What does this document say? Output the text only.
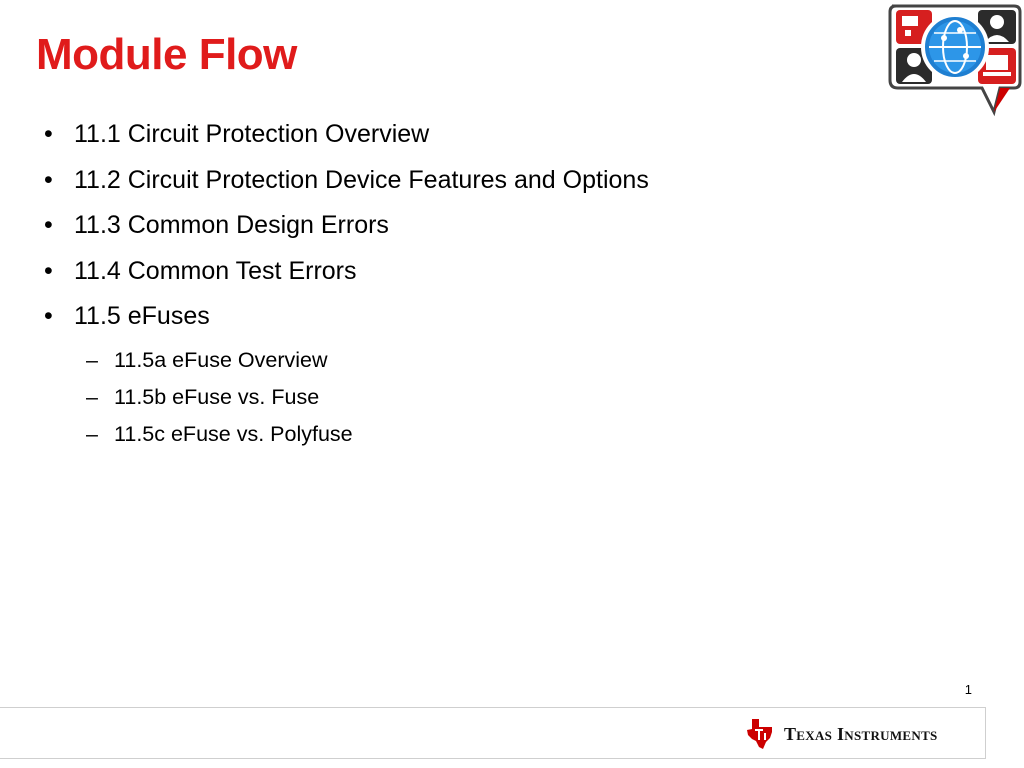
Module Flow
• 11.1 Circuit Protection Overview
• 11.2 Circuit Protection Device Features and Options
• 11.3 Common Design Errors
• 11.4 Common Test Errors
• 11.5 eFuses
– 11.5a eFuse Overview
– 11.5b eFuse vs. Fuse
– 11.5c eFuse vs. Polyfuse
1
Texas Instruments
